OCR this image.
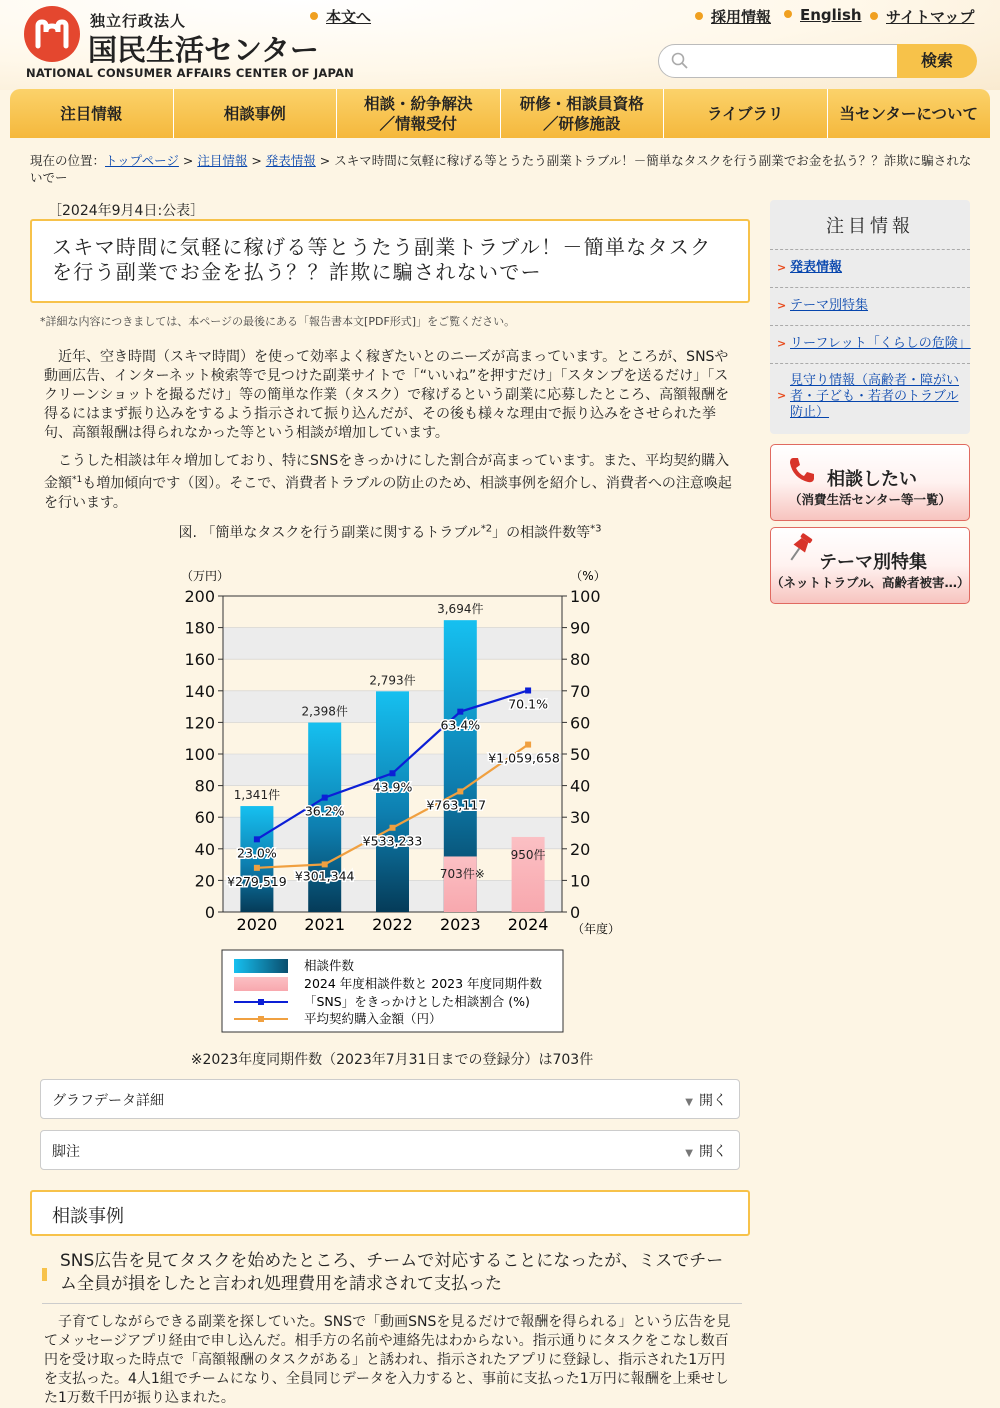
独立行政法人
国民生活センター
NATIONAL CONSUMER AFFAIRS CENTER OF JAPAN
本文へ	採用情報	English	サイトマップ
検索
注目情報	相談事例
相談・紛争解決
／情報受付
研修・相談員資格
／研修施設
ライブラリ	当センターについて
現在の位置：トップページ > 注目情報 > 発表情報 > スキマ時間に気軽に稼げる等とうたう副業トラブル！－簡単なタスクを行う副業でお金を払う？？詐欺に騙されないでー
［2024年9月4日:公表］
スキマ時間に気軽に稼げる等とうたう副業トラブル！－簡単なタスクを行う副業でお金を払う？？詐欺に騙されないでー
*詳細な内容につきましては、本ページの最後にある「報告書本文[PDF形式]」をご覧ください。
近年、空き時間（スキマ時間）を使って効率よく稼ぎたいとのニーズが高まっています。ところが、SNSや動画広告、インターネット検索等で見つけた副業サイトで「“いいね”を押すだけ」「スタンプを送るだけ」「スクリーンショットを撮るだけ」等の簡単な作業（タスク）で稼げるという副業に応募したところ、高額報酬を得るにはまず振り込みをするよう指示されて振り込んだが、その後も様々な理由で振り込みをさせられた挙句、高額報酬は得られなかった等という相談が増加しています。
こうした相談は年々増加しており、特にSNSをきっかけにした割合が高まっています。また、平均契約購入金額$^{*1}$も増加傾向です（図）。そこで、消費者トラブルの防止のため、相談事例を紹介し、消費者への注意喚起を行います。
図. 「簡単なタスクを行う副業に関するトラブル$^{*2}$」の相談件数等$^{*3}$
0
20
40
60
80
100
120
140
160
180
200
0
10
20
30
40
50
60
70
80
90
100
（万円）	（%）
2020 2021 2022 2023 2024 （年度）
1,341件
2,398件
2,793件
3,694件
703件※
950件
23.0%
36.2%
43.9%
63.4%
70.1%
¥279,519 ¥301,344
¥533,233
¥763,117
¥1,059,658
相談件数
2024 年度相談件数と 2023 年度同期件数
「SNS」をきっかけとした相談割合 (%)
平均契約購入金額（円）
※2023年度同期件数（2023年7月31日までの登録分）は703件
グラフデータ詳細	▼ 開く
脚注	▼ 開く
相談事例
SNS広告を見てタスクを始めたところ、チームで対応することになったが、ミスでチーム全員が損をしたと言われ処理費用を請求されて支払った
子育てしながらできる副業を探していた。SNSで「動画SNSを見るだけで報酬を得られる」という広告を見てメッセージアプリ経由で申し込んだ。相手方の名前や連絡先はわからない。指示通りにタスクをこなし数百円を受け取った時点で「高額報酬のタスクがある」と誘われ、指示されたアプリに登録し、指示された1万円を支払った。4人1組でチームになり、全員同じデータを入力すると、事前に支払った1万円に報酬を上乗せした1万数千円が振り込まれた。
注目情報
> 発表情報
> テーマ別特集
> リーフレット「くらしの危険」
>
見守り情報（高齢者・障がい者・子ども・若者のトラブル防止）
相談したい
（消費生活センター等一覧）
テーマ別特集
（ネットトラブル、高齢者被害…）
